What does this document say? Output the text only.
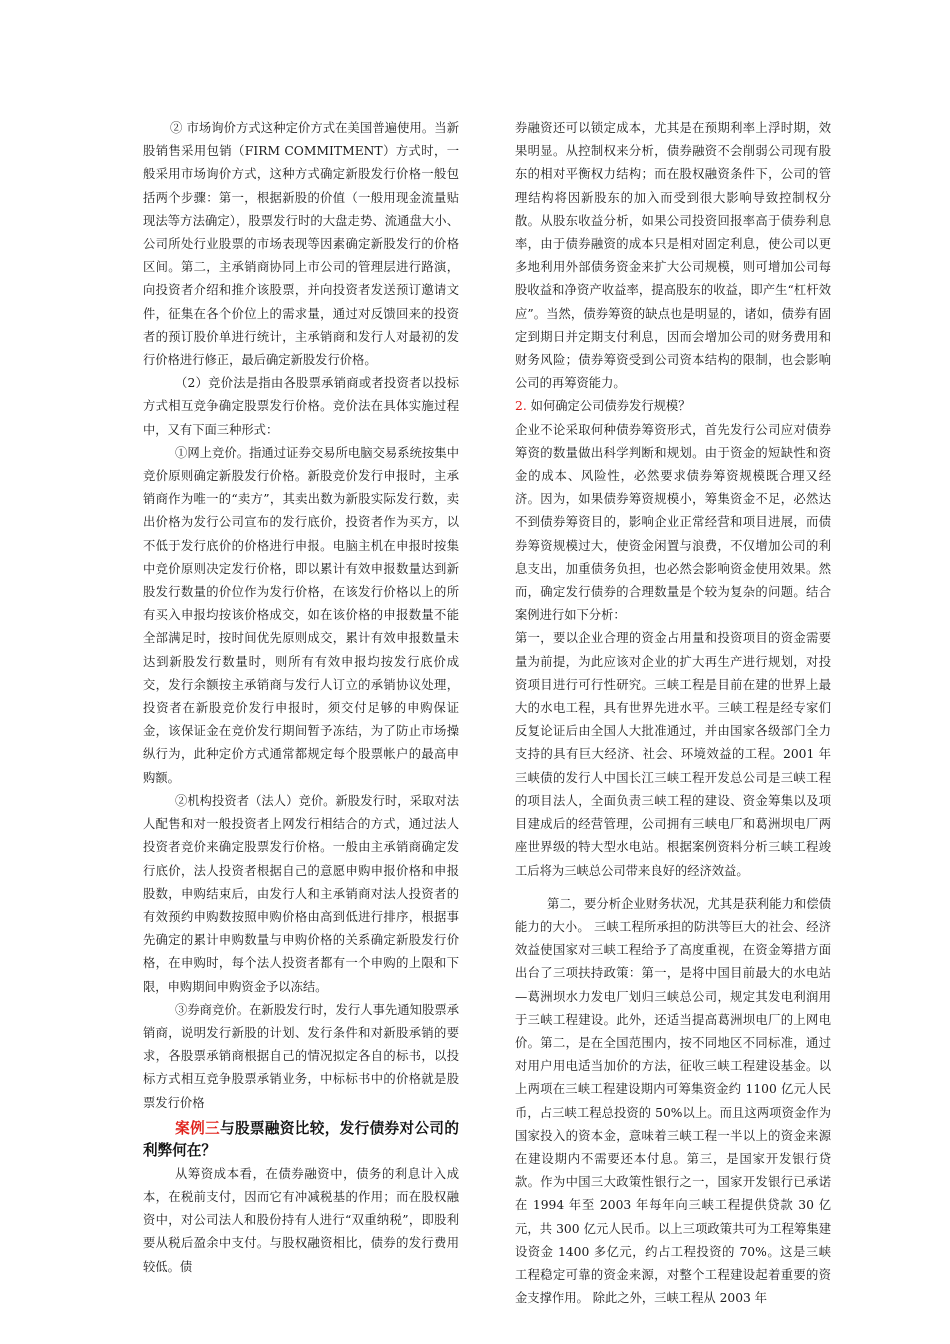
② 市场询价方式这种定价方式在美国普遍使用。当新股销售采用包销（FIRM COMMITMENT）方式时，一般采用市场询价方式，这种方式确定新股发行价格一般包括两个步骤：第一，根据新股的价值（一般用现金流量贴现法等方法确定），股票发行时的大盘走势、流通盘大小、公司所处行业股票的市场表现等因素确定新股发行的价格区间。第二，主承销商协同上市公司的管理层进行路演，向投资者介绍和推介该股票，并向投资者发送预订邀请文件，征集在各个价位上的需求量，通过对反馈回来的投资者的预订股价单进行统计，主承销商和发行人对最初的发行价格进行修正，最后确定新股发行价格。

（2）竞价法是指由各股票承销商或者投资者以投标方式相互竞争确定股票发行价格。竞价法在具体实施过程中，又有下面三种形式：

①网上竞价。指通过证券交易所电脑交易系统按集中竞价原则确定新股发行价格。新股竞价发行申报时，主承销商作为唯一的“卖方”，其卖出数为新股实际发行数，卖出价格为发行公司宣布的发行底价，投资者作为买方，以不低于发行底价的价格进行申报。电脑主机在申报时按集中竞价原则决定发行价格，即以累计有效申报数量达到新股发行数量的价位作为发行价格，在该发行价格以上的所有买入申报均按该价格成交，如在该价格的申报数量不能全部满足时，按时间优先原则成交，累计有效申报数量未达到新股发行数量时，则所有有效申报均按发行底价成交，发行余额按主承销商与发行人订立的承销协议处理，投资者在新股竞价发行申报时，须交付足够的申购保证金，该保证金在竞价发行期间暂予冻结，为了防止市场操纵行为，此种定价方式通常都规定每个股票帐户的最高申购额。

②机构投资者（法人）竞价。新股发行时，采取对法人配售和对一般投资者上网发行相结合的方式，通过法人投资者竞价来确定股票发行价格。一般由主承销商确定发行底价，法人投资者根据自己的意愿申购申报价格和申报股数，申购结束后，由发行人和主承销商对法人投资者的有效预约申购数按照申购价格由高到低进行排序，根据事先确定的累计申购数量与申购价格的关系确定新股发行价格，在申购时，每个法人投资者都有一个申购的上限和下限，申购期间申购资金予以冻结。

③券商竞价。在新股发行时，发行人事先通知股票承销商，说明发行新股的计划、发行条件和对新股承销的要求，各股票承销商根据自己的情况拟定各自的标书，以投标方式相互竞争股票承销业务，中标标书中的价格就是股票发行价格

案例三与股票融资比较，发行债券对公司的利弊何在？

从筹资成本看，在债券融资中，债务的利息计入成本，在税前支付，因而它有冲减税基的作用；而在股权融资中，对公司法人和股份持有人进行“双重纳税”，即股利要从税后盈余中支付。与股权融资相比，债券的发行费用较低。债

券融资还可以锁定成本，尤其是在预期利率上浮时期，效果明显。从控制权来分析，债券融资不会削弱公司现有股东的相对平衡权力结构；而在股权融资条件下，公司的管理结构将因新股东的加入而受到很大影响导致控制权分散。从股东收益分析，如果公司投资回报率高于债券利息率，由于债券融资的成本只是相对固定利息，使公司以更多地利用外部债务资金来扩大公司规模，则可增加公司每股收益和净资产收益率，提高股东的收益，即产生“杠杆效应”。当然，债券筹资的缺点也是明显的，诸如，债券有固定到期日并定期支付利息，因而会增加公司的财务费用和财务风险；债券筹资受到公司资本结构的限制，也会影响公司的再筹资能力。

2. 如何确定公司债券发行规模？

企业不论采取何种债券筹资形式，首先发行公司应对债券筹资的数量做出科学判断和规划。由于资金的短缺性和资金的成本、风险性，必然要求债券筹资规模既合理又经济。因为，如果债券筹资规模小，筹集资金不足，必然达不到债券筹资目的，影响企业正常经营和项目进展，而债券筹资规模过大，使资金闲置与浪费，不仅增加公司的利息支出，加重债务负担，也必然会影响资金使用效果。然而，确定发行债券的合理数量是个较为复杂的问题。结合案例进行如下分析：

第一，要以企业合理的资金占用量和投资项目的资金需要量为前提，为此应该对企业的扩大再生产进行规划，对投资项目进行可行性研究。三峡工程是目前在建的世界上最大的水电工程，具有世界先进水平。三峡工程是经专家们反复论证后由全国人大批准通过，并由国家各级部门全力支持的具有巨大经济、社会、环境效益的工程。2001 年三峡债的发行人中国长江三峡工程开发总公司是三峡工程的项目法人，全面负责三峡工程的建设、资金筹集以及项目建成后的经营管理，公司拥有三峡电厂和葛洲坝电厂两座世界级的特大型水电站。根据案例资料分析三峡工程竣工后将为三峡总公司带来良好的经济效益。

第二，要分析企业财务状况，尤其是获利能力和偿债能力的大小。 三峡工程所承担的防洪等巨大的社会、经济效益使国家对三峡工程给予了高度重视，在资金筹措方面出台了三项扶持政策：第一，是将中国目前最大的水电站—葛洲坝水力发电厂划归三峡总公司，规定其发电利润用于三峡工程建设。此外，还适当提高葛洲坝电厂的上网电价。第二，是在全国范围内，按不同地区不同标准，通过对用户用电适当加价的方法，征收三峡工程建设基金。以上两项在三峡工程建设期内可筹集资金约 1100 亿元人民币，占三峡工程总投资的 50%以上。而且这两项资金作为国家投入的资本金，意味着三峡工程一半以上的资金来源在建设期内不需要还本付息。第三，是国家开发银行贷款。作为中国三大政策性银行之一，国家开发银行已承诺在 1994 年至 2003 年每年向三峡工程提供贷款 30 亿元，共 300 亿元人民币。以上三项政策共可为工程筹集建设资金 1400 多亿元，约占工程投资的 70%。这是三峡工程稳定可靠的资金来源，对整个工程建设起着重要的资金支撑作用。 除此之外，三峡工程从 2003 年
